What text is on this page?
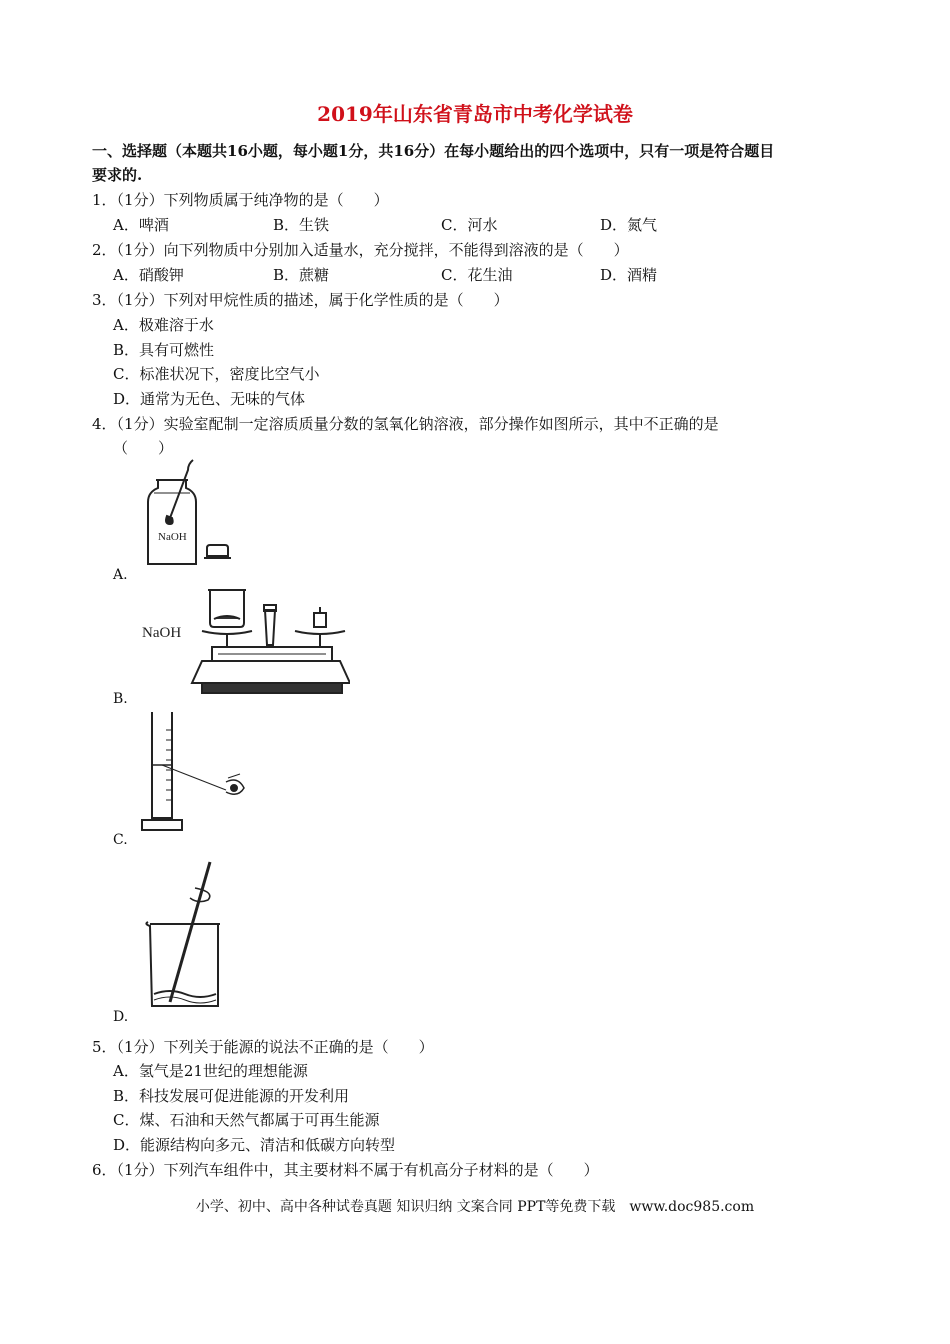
2019年山东省青岛市中考化学试卷
一、选择题（本题共16小题，每小题1分，共16分）在每小题给出的四个选项中，只有一项是符合题目
要求的.
1．（1分）下列物质属于纯净物的是（　　）
A．啤酒	B．生铁	C．河水	D．氮气
2．（1分）向下列物质中分别加入适量水，充分搅拌，不能得到溶液的是（　　）
A．硝酸钾	B．蔗糖	C．花生油	D．酒精
3．（1分）下列对甲烷性质的描述，属于化学性质的是（　　）
A．极难溶于水
B．具有可燃性
C．标准状况下，密度比空气小
D．通常为无色、无味的气体
4．（1分）实验室配制一定溶质质量分数的氢氧化钠溶液，部分操作如图所示，其中不正确的是
（　　）
NaOH
A.
NaOH
B.
C.
D.
5．（1分）下列关于能源的说法不正确的是（　　）
A．氢气是21世纪的理想能源
B．科技发展可促进能源的开发利用
C．煤、石油和天然气都属于可再生能源
D．能源结构向多元、清洁和低碳方向转型
6．（1分）下列汽车组件中，其主要材料不属于有机高分子材料的是（　　）
小学、初中、高中各种试卷真题 知识归纳 文案合同 PPT等免费下载　www.doc985.com
